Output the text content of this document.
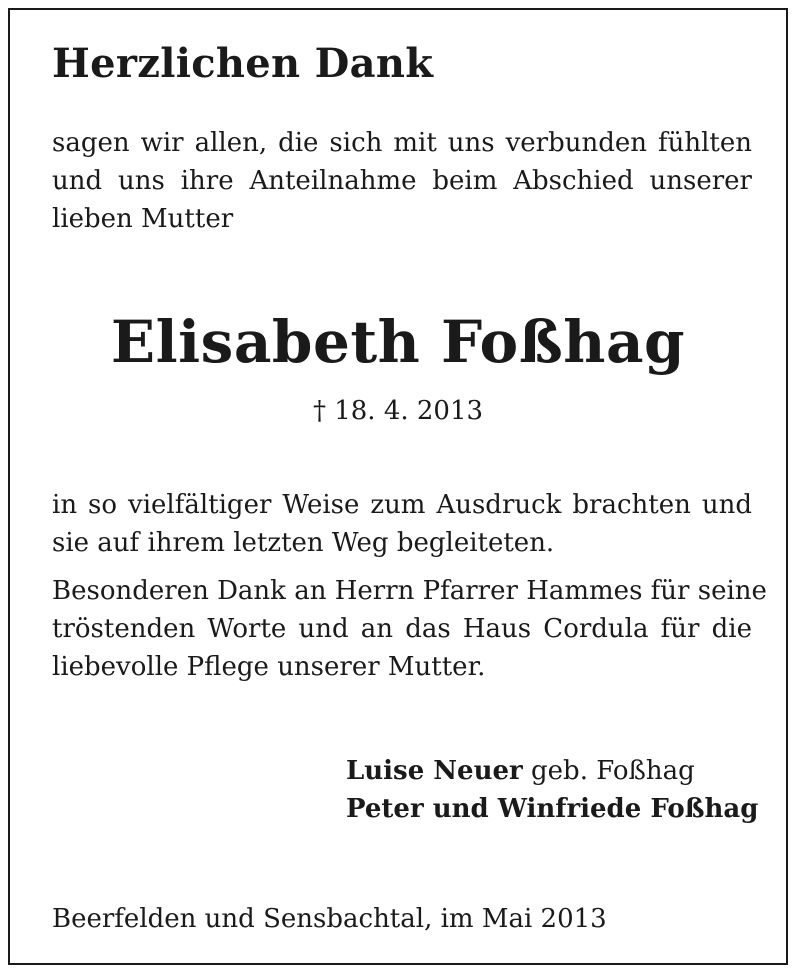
Herzlichen Dank
sagen wir allen, die sich mit uns verbunden fühlten
und uns ihre Anteilnahme beim Abschied unserer
lieben Mutter
Elisabeth Foßhag
† 18. 4. 2013
in so vielfältiger Weise zum Ausdruck brachten und
sie auf ihrem letzten Weg begleiteten.
Besonderen Dank an Herrn Pfarrer Hammes für seine
tröstenden Worte und an das Haus Cordula für die
liebevolle Pflege unserer Mutter.
Luise Neuer geb. Foßhag
Peter und Winfriede Foßhag
Beerfelden und Sensbachtal, im Mai 2013
